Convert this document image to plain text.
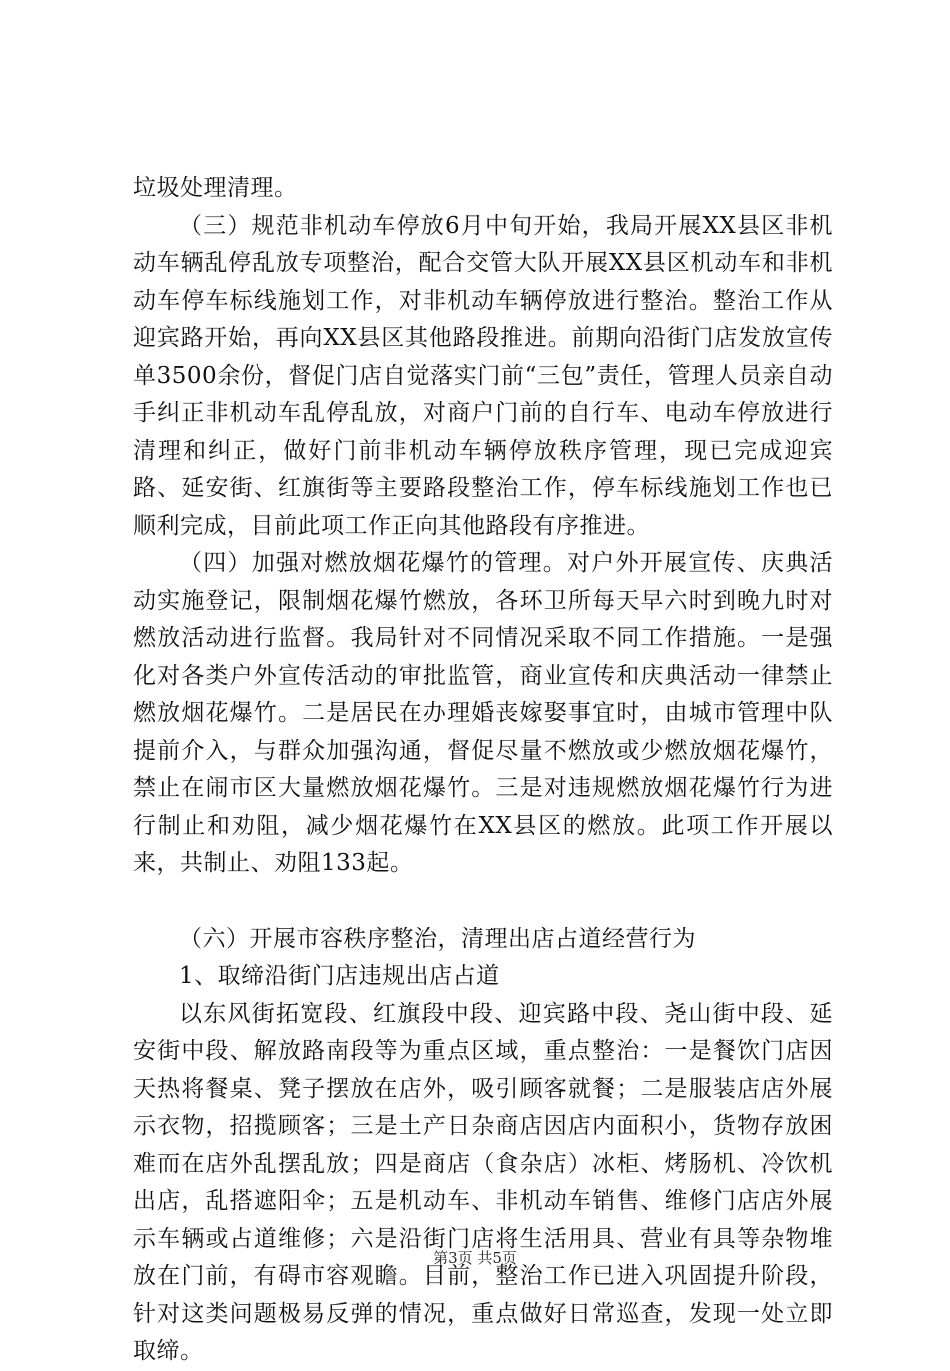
垃圾处理清理。

（三）规范非机动车停放6月中旬开始，我局开展XX县区非机动车辆乱停乱放专项整治，配合交管大队开展XX县区机动车和非机动车停车标线施划工作，对非机动车辆停放进行整治。整治工作从迎宾路开始，再向XX县区其他路段推进。前期向沿街门店发放宣传单3500余份，督促门店自觉落实门前“三包”责任，管理人员亲自动手纠正非机动车乱停乱放，对商户门前的自行车、电动车停放进行清理和纠正，做好门前非机动车辆停放秩序管理，现已完成迎宾路、延安街、红旗街等主要路段整治工作，停车标线施划工作也已顺利完成，目前此项工作正向其他路段有序推进。

（四）加强对燃放烟花爆竹的管理。对户外开展宣传、庆典活动实施登记，限制烟花爆竹燃放，各环卫所每天早六时到晚九时对燃放活动进行监督。我局针对不同情况采取不同工作措施。一是强化对各类户外宣传活动的审批监管，商业宣传和庆典活动一律禁止燃放烟花爆竹。二是居民在办理婚丧嫁娶事宜时，由城市管理中队提前介入，与群众加强沟通，督促尽量不燃放或少燃放烟花爆竹，禁止在闹市区大量燃放烟花爆竹。三是对违规燃放烟花爆竹行为进行制止和劝阻，减少烟花爆竹在XX县区的燃放。此项工作开展以来，共制止、劝阻133起。

（六）开展市容秩序整治，清理出店占道经营行为

1、取缔沿街门店违规出店占道

以东风街拓宽段、红旗段中段、迎宾路中段、尧山街中段、延安街中段、解放路南段等为重点区域，重点整治：一是餐饮门店因天热将餐桌、凳子摆放在店外，吸引顾客就餐；二是服装店店外展示衣物，招揽顾客；三是土产日杂商店因店内面积小，货物存放困难而在店外乱摆乱放；四是商店（食杂店）冰柜、烤肠机、冷饮机出店，乱搭遮阳伞；五是机动车、非机动车销售、维修门店店外展示车辆或占道维修；六是沿街门店将生活用具、营业有具等杂物堆放在门前，有碍市容观瞻。目前，整治工作已进入巩固提升阶段，针对这类问题极易反弹的情况，重点做好日常巡查，发现一处立即取缔。

第3页 共5页
